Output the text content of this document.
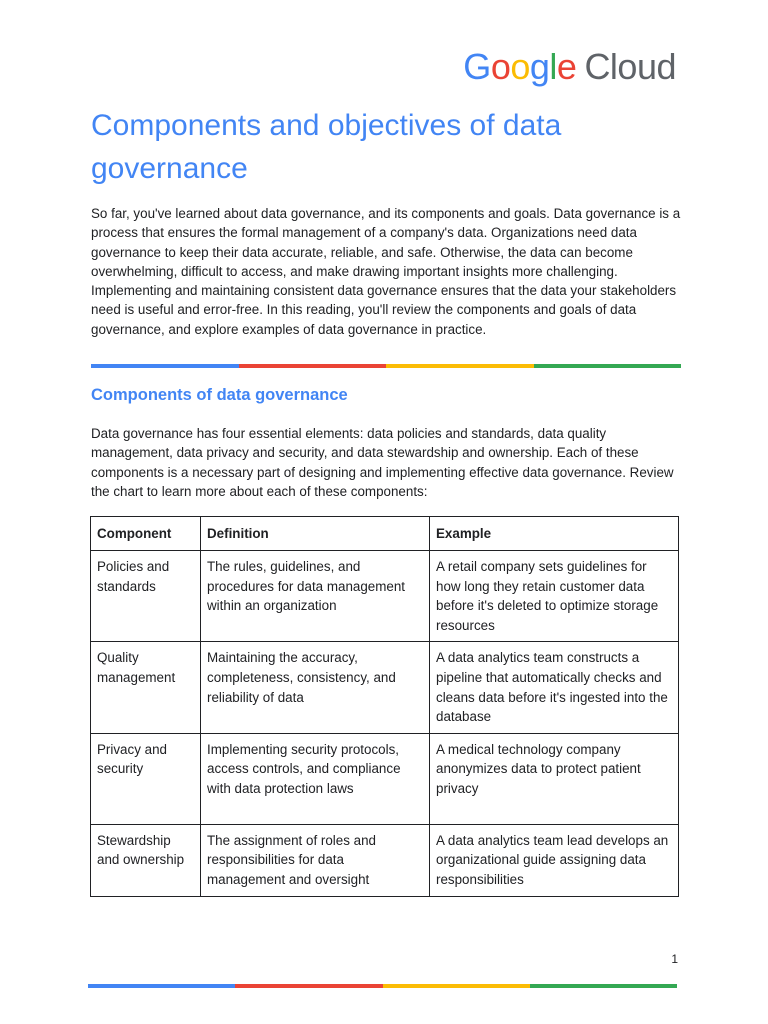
Google Cloud
Components and objectives of data governance

So far, you've learned about data governance, and its components and goals. Data governance is a process that ensures the formal management of a company's data. Organizations need data governance to keep their data accurate, reliable, and safe. Otherwise, the data can become overwhelming, difficult to access, and make drawing important insights more challenging. Implementing and maintaining consistent data governance ensures that the data your stakeholders need is useful and error-free. In this reading, you'll review the components and goals of data governance, and explore examples of data governance in practice.

Components of data governance

Data governance has four essential elements: data policies and standards, data quality management, data privacy and security, and data stewardship and ownership. Each of these components is a necessary part of designing and implementing effective data governance. Review the chart to learn more about each of these components:

Component	Definition	Example
Policies and standards	The rules, guidelines, and procedures for data management within an organization	A retail company sets guidelines for how long they retain customer data before it's deleted to optimize storage resources
Quality management	Maintaining the accuracy, completeness, consistency, and reliability of data	A data analytics team constructs a pipeline that automatically checks and cleans data before it's ingested into the database
Privacy and security	Implementing security protocols, access controls, and compliance with data protection laws	A medical technology company anonymizes data to protect patient privacy
Stewardship and ownership	The assignment of roles and responsibilities for data management and oversight	A data analytics team lead develops an organizational guide assigning data responsibilities
1
